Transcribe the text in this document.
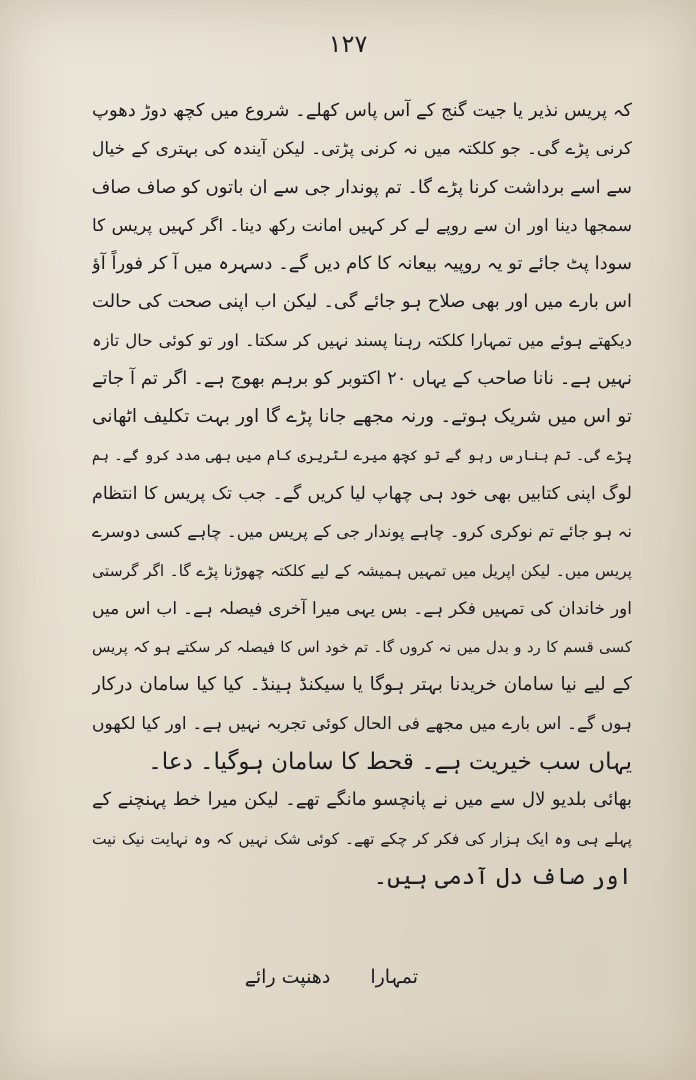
۱۲۷
کہ پریس نذیر یا جیت گنج کے آس پاس کھلے۔ شروع میں کچھ دوڑ دھوپ
کرنی پڑے گی۔ جو کلکتہ میں نہ کرنی پڑتی۔ لیکن آیندہ کی بہتری کے خیال
سے اسے برداشت کرنا پڑے گا۔ تم پوندار جی سے ان باتوں کو صاف صاف
سمجھا دینا اور ان سے روپے لے کر کہیں امانت رکھ دینا۔ اگر کہیں پریس کا
سودا پٹ جائے تو یہ روپیہ بیعانہ کا کام دیں گے۔ دسہرہ میں آ کر فوراً آؤ
اس بارے میں اور بھی صلاح ہو جائے گی۔ لیکن اب اپنی صحت کی حالت
دیکھتے ہوئے میں تمہارا کلکتہ رہنا پسند نہیں کر سکتا۔ اور تو کوئی حال تازہ
نہیں ہے۔ نانا صاحب کے یہاں ۲۰ اکتوبر کو برہم بھوج ہے۔ اگر تم آ جاتے
تو اس میں شریک ہوتے۔ ورنہ مجھے جانا پڑے گا اور بہت تکلیف اٹھانی
پڑے گی۔ تم بنارس رہو گے تو کچھ میرے لٹریری کام میں بھی مدد کرو گے۔ ہم
لوگ اپنی کتابیں بھی خود ہی چھاپ لیا کریں گے۔ جب تک پریس کا انتظام
نہ ہو جائے تم نوکری کرو۔ چاہے پوندار جی کے پریس میں۔ چاہے کسی دوسرے
پریس میں۔ لیکن اپریل میں تمہیں ہمیشہ کے لیے کلکتہ چھوڑنا پڑے گا۔ اگر گرستی
اور خاندان کی تمہیں فکر ہے۔ بس یہی میرا آخری فیصلہ ہے۔ اب اس میں
کسی قسم کا رد و بدل میں نہ کروں گا۔ تم خود اس کا فیصلہ کر سکتے ہو کہ پریس
کے لیے نیا سامان خریدنا بہتر ہوگا یا سیکنڈ ہینڈ۔ کیا کیا سامان درکار
ہوں گے۔ اس بارے میں مجھے فی الحال کوئی تجربہ نہیں ہے۔ اور کیا لکھوں
یہاں سب خیریت ہے۔ قحط کا سامان ہوگیا۔ دعا۔
بھائی بلدیو لال سے میں نے پانچسو مانگے تھے۔ لیکن میرا خط پہنچنے کے
پہلے ہی وہ ایک ہزار کی فکر کر چکے تھے۔ کوئی شک نہیں کہ وہ نہایت نیک نیت
اور صاف دل آدمی ہیں۔
تمہارا دھنپت رائے
